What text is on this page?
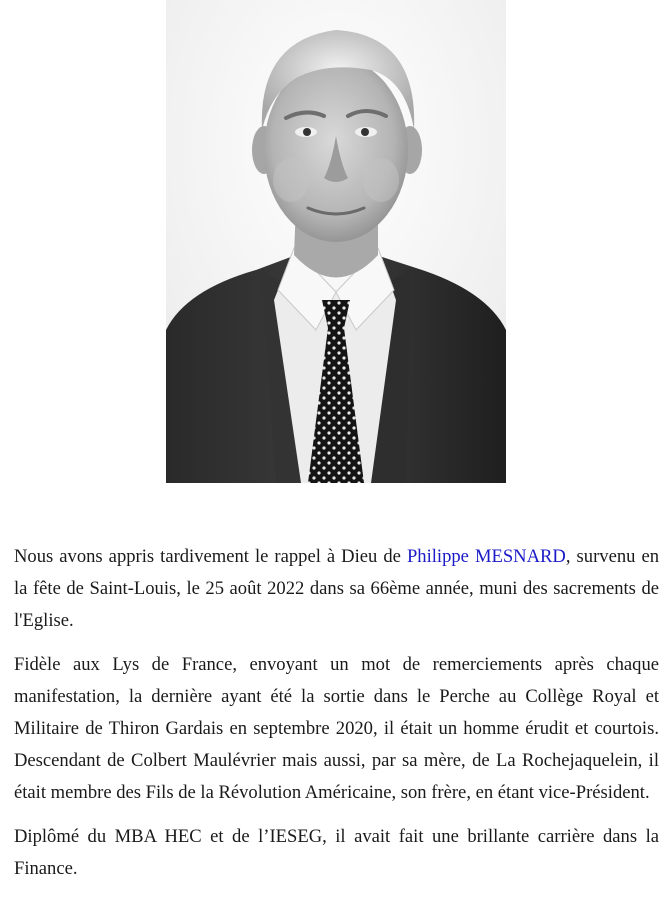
Nous avons appris tardivement le rappel à Dieu de Philippe MESNARD, survenu en la fête de Saint-Louis, le 25 août 2022 dans sa 66ème année, muni des sacrements de l'Eglise.

Fidèle aux Lys de France, envoyant un mot de remerciements après chaque manifestation, la dernière ayant été la sortie dans le Perche au Collège Royal et Militaire de Thiron Gardais en septembre 2020, il était un homme érudit et courtois. Descendant de Colbert Maulévrier mais aussi, par sa mère, de La Rochejaquelein, il était membre des Fils de la Révolution Américaine, son frère, en étant vice-Président.

Diplômé du MBA HEC et de l’IESEG, il avait fait une brillante carrière dans la Finance.
